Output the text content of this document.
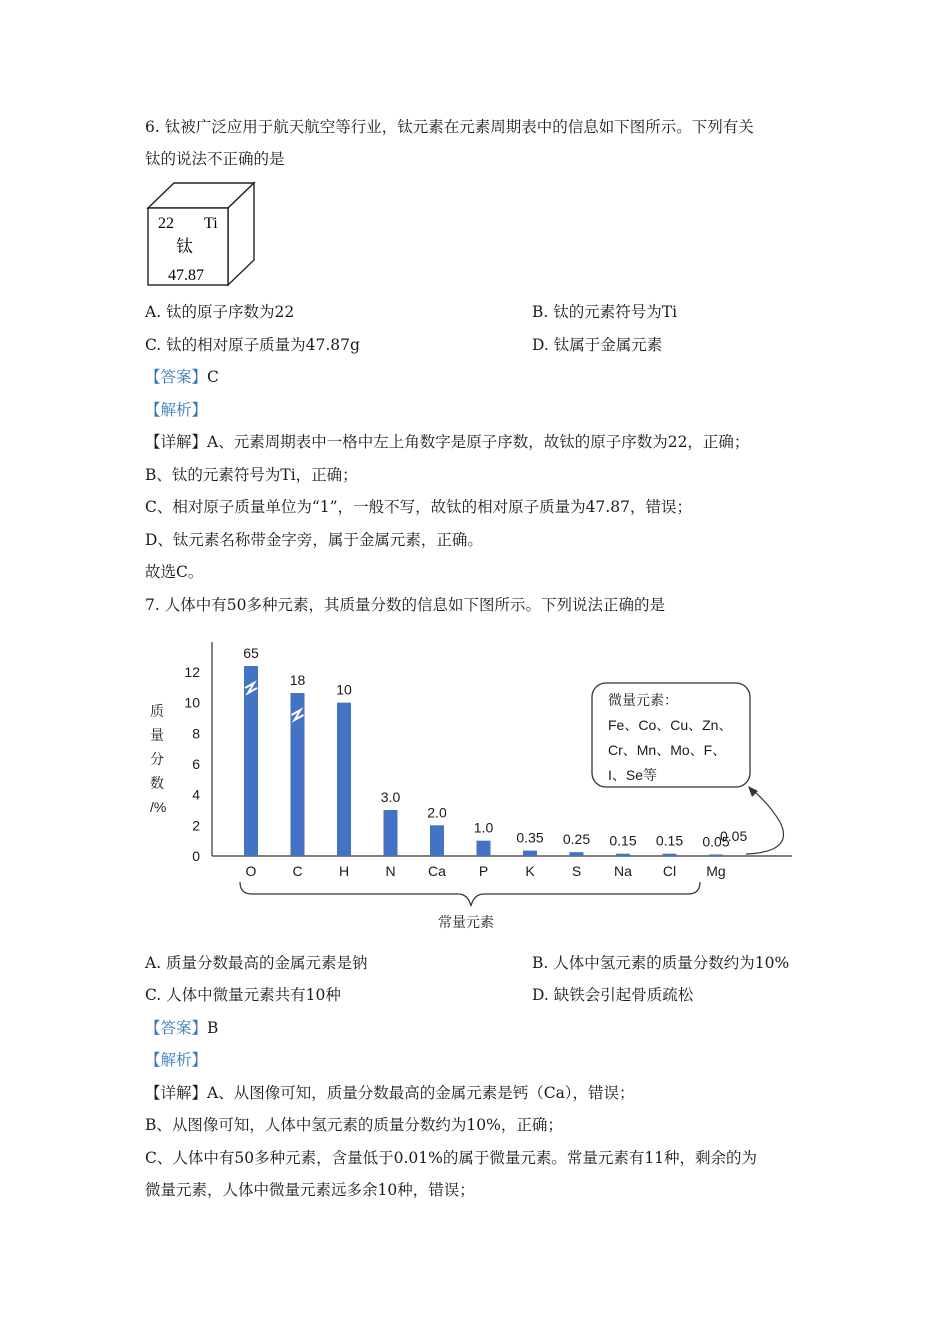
6. 钛被广泛应用于航天航空等行业，钛元素在元素周期表中的信息如下图所示。下列有关
钛的说法不正确的是
22 Ti
钛
47.87
A. 钛的原子序数为22	B. 钛的元素符号为Ti
C. 钛的相对原子质量为47.87g	D. 钛属于金属元素
【答案】C
【解析】
【详解】A、元素周期表中一格中左上角数字是原子序数，故钛的原子序数为22，正确；
B、钛的元素符号为Ti，正确；
C、相对原子质量单位为“1”，一般不写，故钛的相对原子质量为47.87，错误；
D、钛元素名称带金字旁，属于金属元素，正确。
故选C。
7. 人体中有50多种元素，其质量分数的信息如下图所示。下列说法正确的是
质
量
分
数
/%
0
2
4
6
8
10
12
65
18
10
3.0
2.0
1.0
0.35 0.25 0.15 0.15 0.05
O	C	H	N Ca P	K	S Na Cl Mg
0.05
常量元素
微量元素：
Fe、Co、Cu、Zn、
Cr、Mn、Mo、F、
I、Se等
A. 质量分数最高的金属元素是钠	B. 人体中氢元素的质量分数约为10%
C. 人体中微量元素共有10种	D. 缺铁会引起骨质疏松
【答案】B
【解析】
【详解】A、从图像可知，质量分数最高的金属元素是钙（Ca），错误；
B、从图像可知，人体中氢元素的质量分数约为10%，正确；
C、人体中有50多种元素，含量低于0.01%的属于微量元素。常量元素有11种，剩余的为
微量元素，人体中微量元素远多余10种，错误；
